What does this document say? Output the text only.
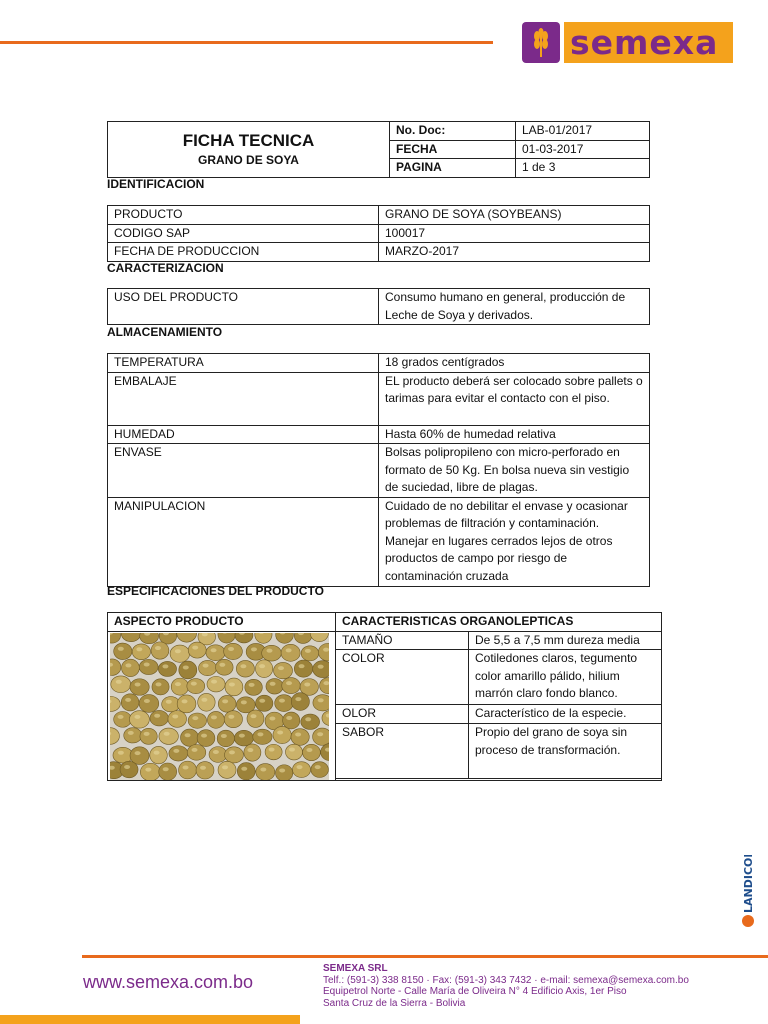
semexa
FICHA TECNICA
GRANO DE SOYA	No. Doc:	LAB-01/2017
	FECHA	01-03-2017
	PAGINA	1 de 3
IDENTIFICACION
PRODUCTO	GRANO DE SOYA (SOYBEANS)
CODIGO SAP	100017
FECHA DE PRODUCCION	MARZO-2017
CARACTERIZACION
USO DEL PRODUCTO	Consumo humano en general, producción de Leche de Soya y derivados.
ALMACENAMIENTO
TEMPERATURA	18 grados centígrados
EMBALAJE	EL producto deberá ser colocado sobre pallets o tarimas para evitar el contacto con el piso.
HUMEDAD	Hasta 60% de humedad relativa
ENVASE	Bolsas polipropileno con micro-perforado en formato de 50 Kg. En bolsa nueva sin vestigio de suciedad, libre de plagas.
MANIPULACION	Cuidado de no debilitar el envase y ocasionar problemas de filtración y contaminación. Manejar en lugares cerrados lejos de otros productos de campo por riesgo de contaminación cruzada
ESPECIFICACIONES DEL PRODUCTO
ASPECTO PRODUCTO	CARACTERISTICAS ORGANOLEPTICAS	

	TAMAÑO	De 5,5 a 7,5 mm dureza media
	COLOR	Cotiledones claros, tegumento color amarillo pálido, hilium marrón claro fondo blanco.
	OLOR	Característico de la especie.
	SABOR	Propio del grano de soya sin proceso de transformación.

LANDICORP
www.semexa.com.bo
SEMEXA SRL
Telf.: (591-3) 338 8150 · Fax: (591-3) 343 7432 · e-mail: semexa@semexa.com.bo
Equipetrol Norte - Calle María de Oliveira N° 4 Edificio Axis, 1er Piso
Santa Cruz de la Sierra - Bolivia
